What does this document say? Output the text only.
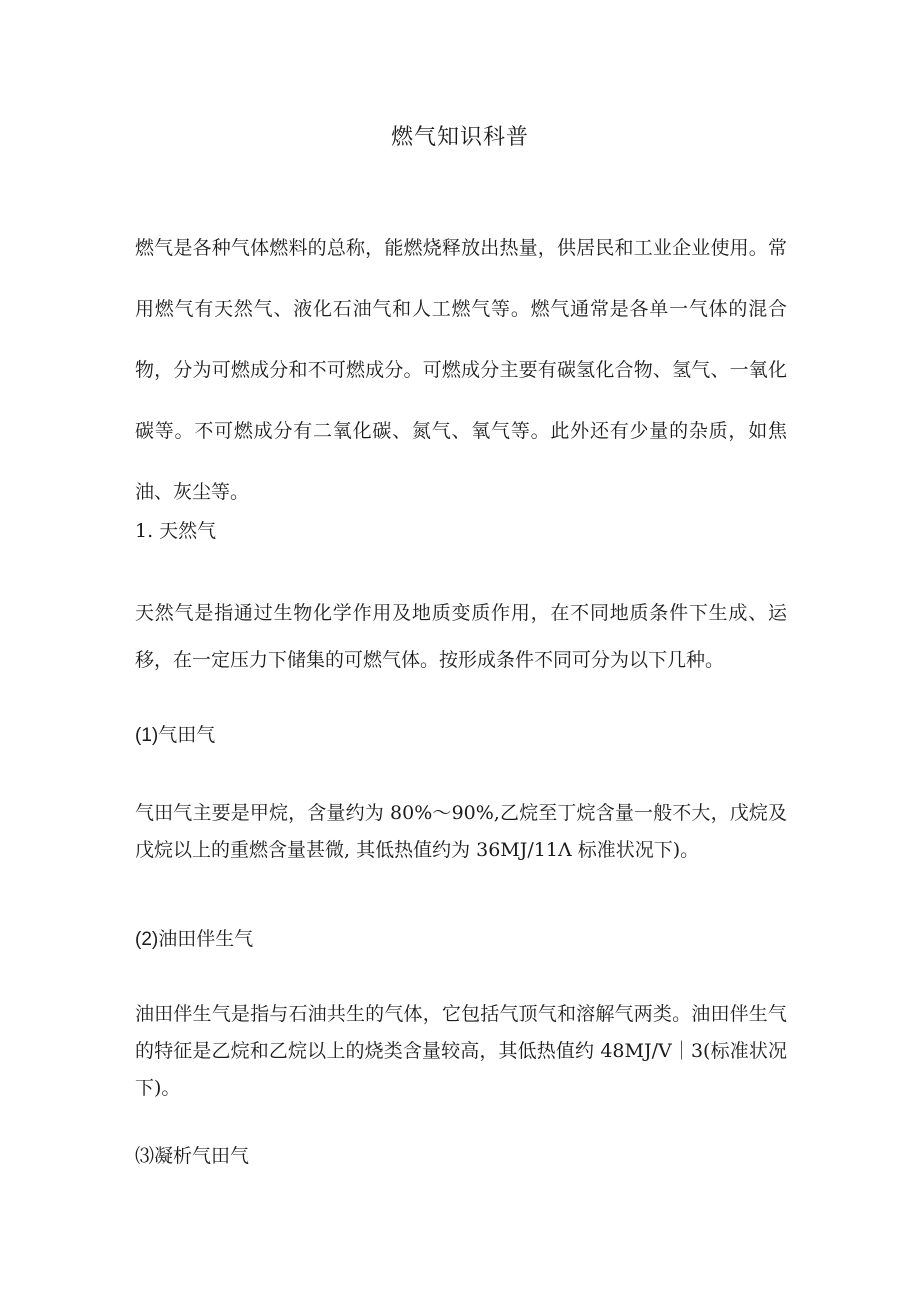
燃气知识科普
燃气是各种气体燃料的总称，能燃烧释放出热量，供居民和工业企业使用。常用燃气有天然气、液化石油气和人工燃气等。燃气通常是各单一气体的混合物，分为可燃成分和不可燃成分。可燃成分主要有碳氢化合物、氢气、一氧化碳等。不可燃成分有二氧化碳、氮气、氧气等。此外还有少量的杂质，如焦油、灰尘等。
1. 天然气
天然气是指通过生物化学作用及地质变质作用，在不同地质条件下生成、运移，在一定压力下储集的可燃气体。按形成条件不同可分为以下几种。
(1)气田气
气田气主要是甲烷，含量约为 80%～90%,乙烷至丁烷含量一般不大，戊烷及戊烷以上的重燃含量甚微, 其低热值约为 36MJ∕11Λ 标准状况下)。
(2)油田伴生气
油田伴生气是指与石油共生的气体，它包括气顶气和溶解气两类。油田伴生气的特征是乙烷和乙烷以上的烧类含量较高，其低热值约 48MJ∕V｜3(标准状况下)。
⑶凝析气田气
